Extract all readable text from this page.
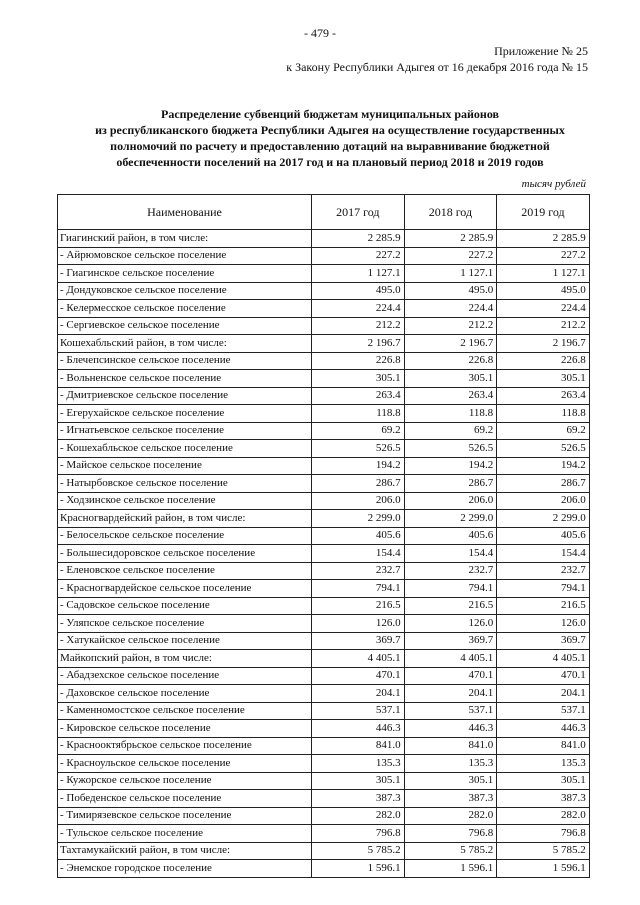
- 479 -
Приложение № 25
к Закону Республики Адыгея от 16 декабря 2016 года № 15
Распределение субвенций бюджетам муниципальных районов
из республиканского бюджета Республики Адыгея на осуществление государственных
полномочий по расчету и предоставлению дотаций на выравнивание бюджетной
обеспеченности поселений на 2017 год и на плановый период 2018 и 2019 годов
тысяч рублей
Наименование	2017 год	2018 год	2019 год
Гиагинский район, в том числе:	2 285.9	2 285.9	2 285.9
- Айрюмовское сельское поселение	227.2	227.2	227.2
- Гиагинское сельское поселение	1 127.1	1 127.1	1 127.1
- Дондуковское сельское поселение	495.0	495.0	495.0
- Келермесское сельское поселение	224.4	224.4	224.4
- Сергиевское сельское поселение	212.2	212.2	212.2
Кошехабльский район, в том числе:	2 196.7	2 196.7	2 196.7
- Блечепсинское сельское поселение	226.8	226.8	226.8
- Вольненское сельское поселение	305.1	305.1	305.1
- Дмитриевское сельское поселение	263.4	263.4	263.4
- Егерухайское сельское поселение	118.8	118.8	118.8
- Игнатьевское сельское поселение	69.2	69.2	69.2
- Кошехабльское сельское поселение	526.5	526.5	526.5
- Майское сельское поселение	194.2	194.2	194.2
- Натырбовское сельское поселение	286.7	286.7	286.7
- Ходзинское сельское поселение	206.0	206.0	206.0
Красногвардейский район, в том числе:	2 299.0	2 299.0	2 299.0
- Белосельское сельское поселение	405.6	405.6	405.6
- Большесидоровское сельское поселение	154.4	154.4	154.4
- Еленовское сельское поселение	232.7	232.7	232.7
- Красногвардейское сельское поселение	794.1	794.1	794.1
- Садовское сельское поселение	216.5	216.5	216.5
- Уляпское сельское поселение	126.0	126.0	126.0
- Хатукайское сельское поселение	369.7	369.7	369.7
Майкопский район, в том числе:	4 405.1	4 405.1	4 405.1
- Абадзехское сельское поселение	470.1	470.1	470.1
- Даховское сельское поселение	204.1	204.1	204.1
- Каменномостское сельское поселение	537.1	537.1	537.1
- Кировское сельское поселение	446.3	446.3	446.3
- Краснооктябрьское сельское поселение	841.0	841.0	841.0
- Красноульское сельское поселение	135.3	135.3	135.3
- Кужорское сельское поселение	305.1	305.1	305.1
- Победенское сельское поселение	387.3	387.3	387.3
- Тимирязевское сельское поселение	282.0	282.0	282.0
- Тульское сельское поселение	796.8	796.8	796.8
Тахтамукайский район, в том числе:	5 785.2	5 785.2	5 785.2
- Энемское городское поселение	1 596.1	1 596.1	1 596.1
